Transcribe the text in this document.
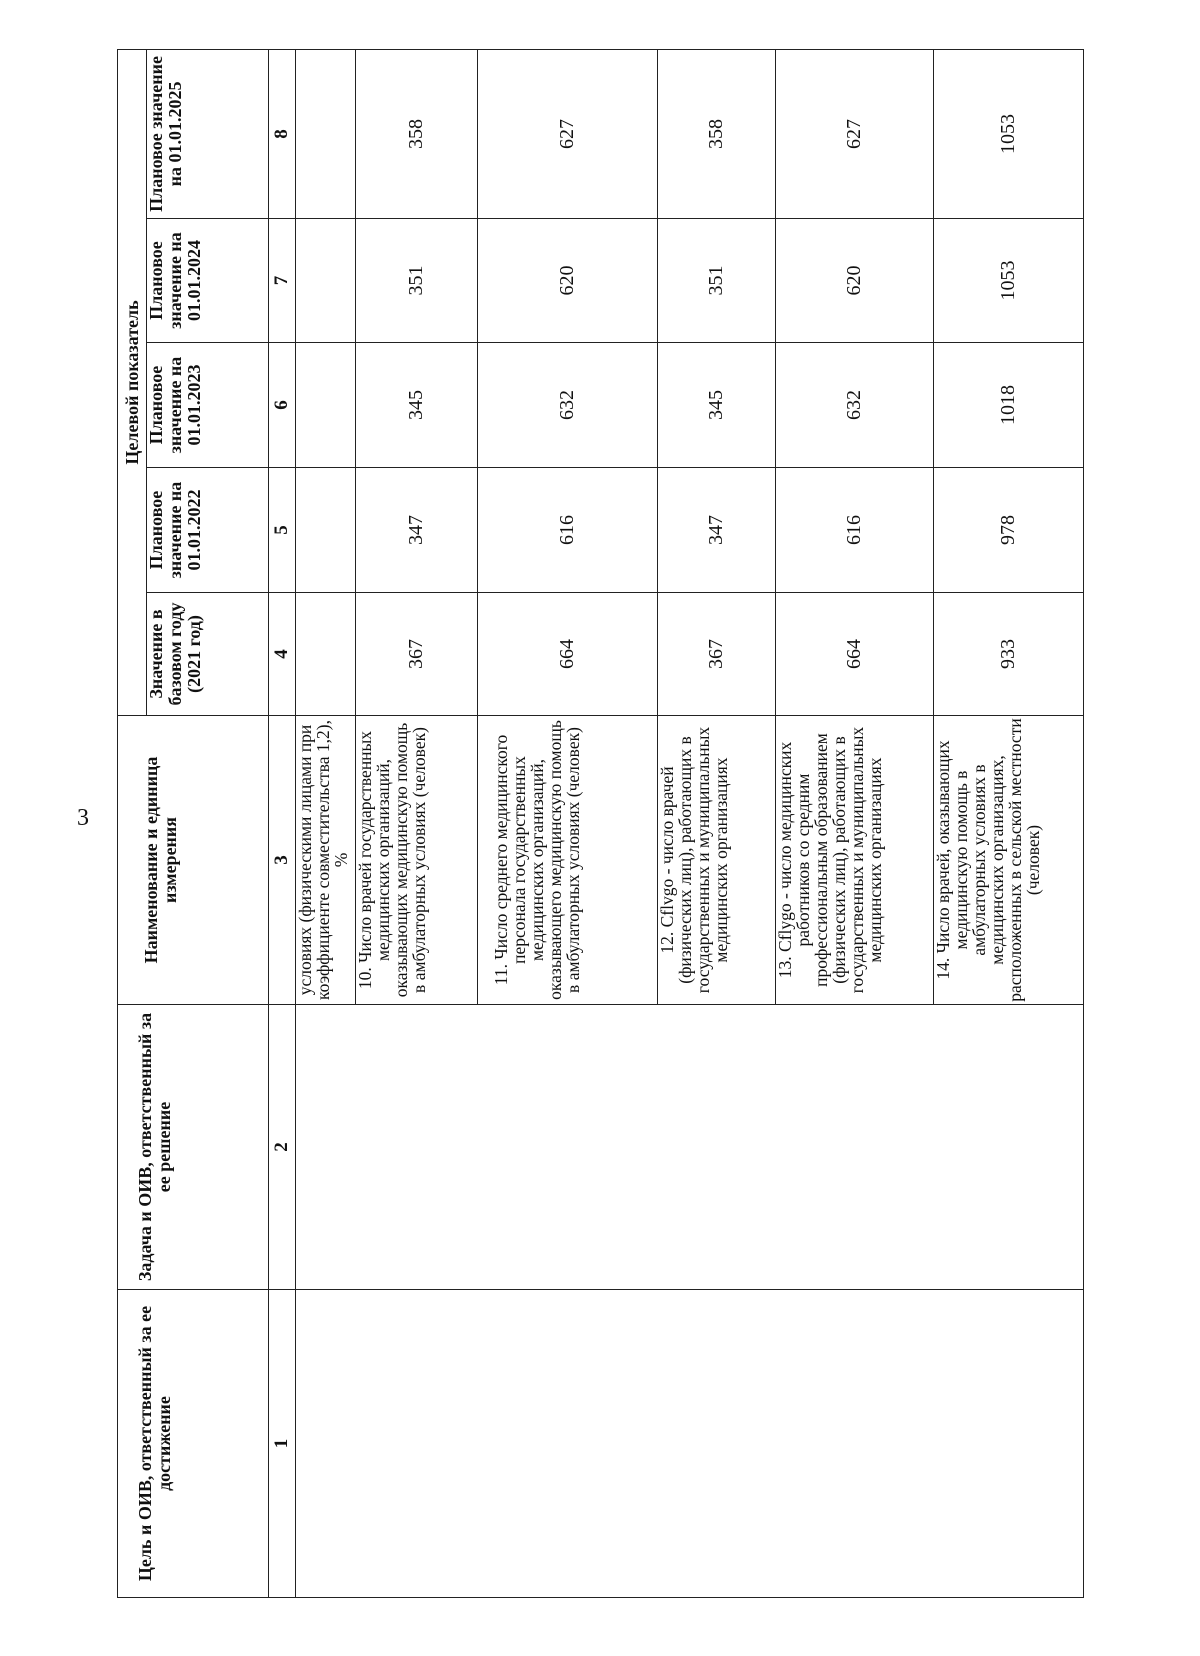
3
Цель и ОИВ, ответственный за ее достижение	Задача и ОИВ, ответственный за ее решение	Наименование и единица измерения	Целевой показатель				
			Значение в базовом году (2021 год)	Плановое значение на 01.01.2022	Плановое значение на 01.01.2023	Плановое значение на 01.01.2024	Плановое значение на 01.01.2025
1	2	3	4	5	6	7	8
		условиях (физическими лицами при коэффициенте совместительства 1,2), %					
		10. Число врачей государственных медицинских организаций, оказывающих медицинскую помощь в амбулаторных условиях (человек)	367	347	345	351	358
		11. Число среднего медицинского персонала государственных медицинских организаций, оказывающего медицинскую помощь в амбулаторных условиях (человек)	664	616	632	620	627
		12. Cflvgo - число врачей (физических лиц), работающих в государственных и муниципальных медицинских организациях	367	347	345	351	358
		13. Cflygo - число медицинских работников со средним профессиональным образованием (физических лиц), работающих в государственных и муниципальных медицинских организациях	664	616	632	620	627
		14. Число врачей, оказывающих медицинскую помощь в амбулаторных условиях в медицинских организациях, расположенных в сельской местности (человек)	933	978	1018	1053	1053
